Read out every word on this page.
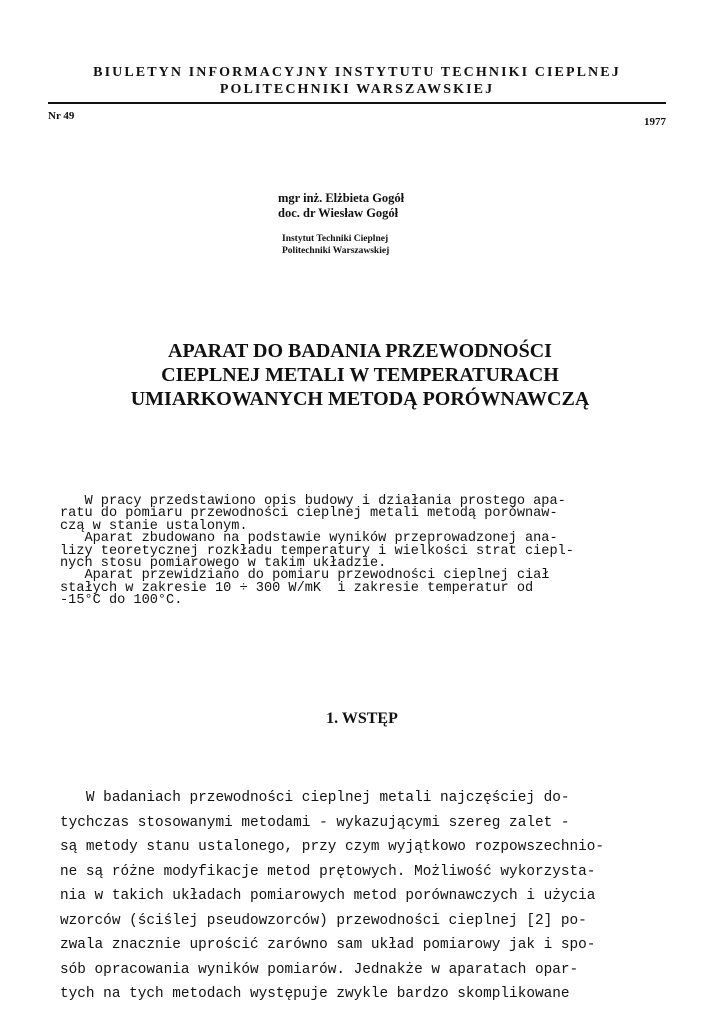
BIULETYN INFORMACYJNY INSTYTUTU TECHNIKI CIEPLNEJ
POLITECHNIKI WARSZAWSKIEJ
Nr 49	1977
mgr inż. Elżbieta Gogół
doc. dr Wiesław Gogół
Instytut Techniki Cieplnej
Politechniki Warszawskiej
APARAT DO BADANIA PRZEWODNOŚCI
CIEPLNEJ METALI W TEMPERATURACH
UMIARKOWANYCH METODĄ PORÓWNAWCZĄ
W pracy przedstawiono opis budowy i działania prostego apa-
ratu do pomiaru przewodności cieplnej metali metodą porównaw-
czą w stanie ustalonym.
Aparat zbudowano na podstawie wyników przeprowadzonej ana-
lizy teoretycznej rozkładu temperatury i wielkości strat ciepl-
nych stosu pomiarowego w takim układzie.
Aparat przewidziano do pomiaru przewodności cieplnej ciał
stałych w zakresie 10 ÷ 300 W/mK  i zakresie temperatur od
-15°C do 100°C.
1. WSTĘP
W badaniach przewodności cieplnej metali najczęściej do-
tychczas stosowanymi metodami - wykazującymi szereg zalet -
są metody stanu ustalonego, przy czym wyjątkowo rozpowszechnio-
ne są różne modyfikacje metod prętowych. Możliwość wykorzysta-
nia w takich układach pomiarowych metod porównawczych i użycia
wzorców (ściślej pseudowzorców) przewodności cieplnej [2] po-
zwala znacznie uprościć zarówno sam układ pomiarowy jak i spo-
sób opracowania wyników pomiarów. Jednakże w aparatach opar-
tych na tych metodach występuje zwykle bardzo skomplikowane
